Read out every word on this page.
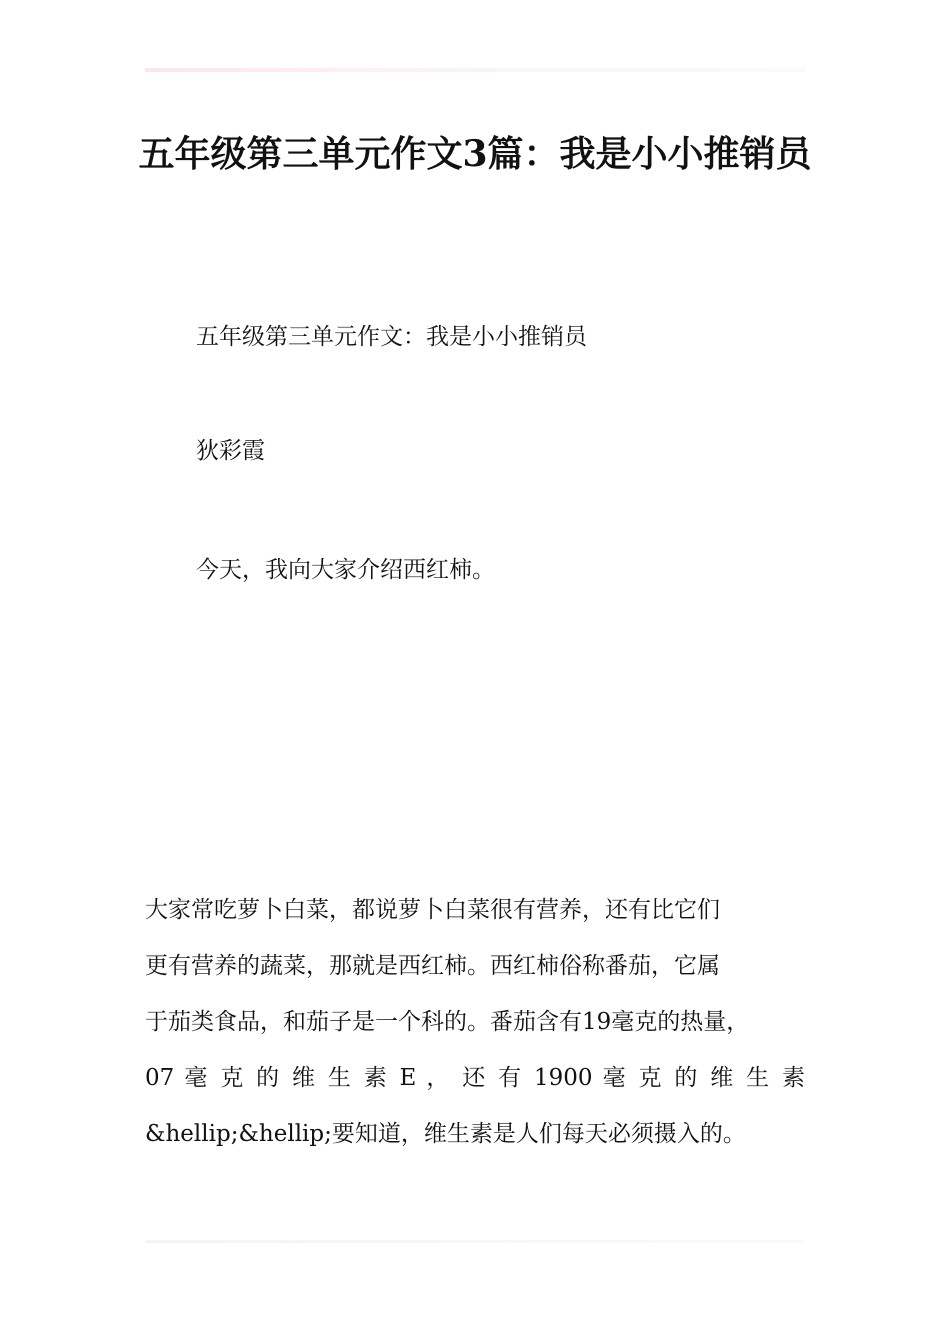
五年级第三单元作文3篇：我是小小推销员

五年级第三单元作文：我是小小推销员

狄彩霞

今天，我向大家介绍西红柿。

大家常吃萝卜白菜，都说萝卜白菜很有营养，还有比它们
更有营养的蔬菜，那就是西红柿。西红柿俗称番茄，它属
于茄类食品，和茄子是一个科的。番茄含有19毫克的热量，
07 毫 克 的 维 生 素 E ， 还 有 1900 毫 克 的 维 生 素
&hellip;&hellip;要知道，维生素是人们每天必须摄入的。
